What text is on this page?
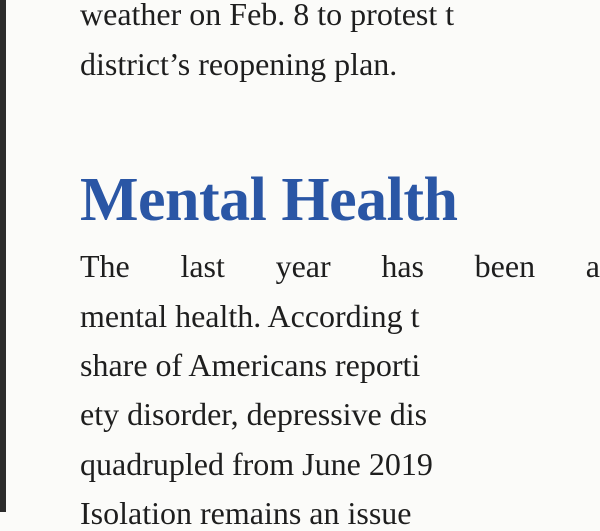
weather on Feb. 8 to protest t
district’s reopening plan.
Mental Health
The last year has been a
mental health. According t
share of Americans reporti
ety disorder, depressive dis
quadrupled from June 2019
Isolation remains an issue
